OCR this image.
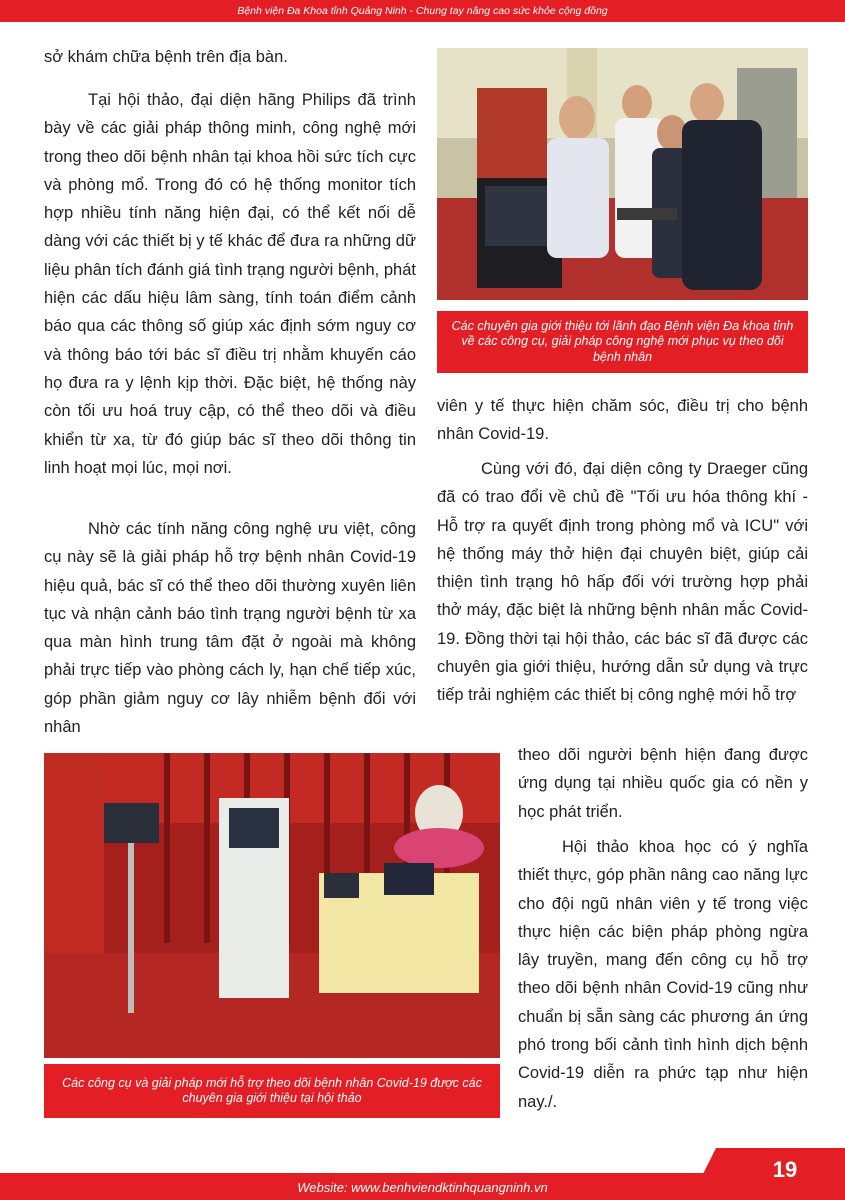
Bệnh viện Đa Khoa tỉnh Quảng Ninh - Chung tay nâng cao sức khỏe cộng đồng

sở khám chữa bệnh trên địa bàn.

Tại hội thảo, đại diện hãng Philips đã trình bày về các giải pháp thông minh, công nghệ mới trong theo dõi bệnh nhân tại khoa hồi sức tích cực và phòng mổ. Trong đó có hệ thống monitor tích hợp nhiều tính năng hiện đại, có thể kết nối dễ dàng với các thiết bị y tế khác để đưa ra những dữ liệu phân tích đánh giá tình trạng người bệnh, phát hiện các dấu hiệu lâm sàng, tính toán điểm cảnh báo qua các thông số giúp xác định sớm nguy cơ và thông báo tới bác sĩ điều trị nhằm khuyến cáo họ đưa ra y lệnh kịp thời. Đặc biệt, hệ thống này còn tối ưu hoá truy cập, có thể theo dõi và điều khiển từ xa, từ đó giúp bác sĩ theo dõi thông tin linh hoạt mọi lúc, mọi nơi.

Nhờ các tính năng công nghệ ưu việt, công cụ này sẽ là giải pháp hỗ trợ bệnh nhân Covid-19 hiệu quả, bác sĩ có thể theo dõi thường xuyên liên tục và nhận cảnh báo tình trạng người bệnh từ xa qua màn hình trung tâm đặt ở ngoài mà không phải trực tiếp vào phòng cách ly, hạn chế tiếp xúc, góp phần giảm nguy cơ lây nhiễm bệnh đối với nhân

Các chuyên gia giới thiệu tới lãnh đạo Bệnh viện Đa khoa tỉnh về các công cụ, giải pháp công nghệ mới phục vụ theo dõi bệnh nhân

viên y tế thực hiện chăm sóc, điều trị cho bệnh nhân Covid-19.

Cùng với đó, đại diện công ty Draeger cũng đã có trao đổi về chủ đề "Tối ưu hóa thông khí - Hỗ trợ ra quyết định trong phòng mổ và ICU" với hệ thống máy thở hiện đại chuyên biệt, giúp cải thiện tình trạng hô hấp đối với trường hợp phải thở máy, đặc biệt là những bệnh nhân mắc Covid-19. Đồng thời tại hội thảo, các bác sĩ đã được các chuyên gia giới thiệu, hướng dẫn sử dụng và trực tiếp trải nghiệm các thiết bị công nghệ mới hỗ trợ

theo dõi người bệnh hiện đang được ứng dụng tại nhiều quốc gia có nền y học phát triển.

Hội thảo khoa học có ý nghĩa thiết thực, góp phần nâng cao năng lực cho đội ngũ nhân viên y tế trong việc thực hiện các biện pháp phòng ngừa lây truyền, mang đến công cụ hỗ trợ theo dõi bệnh nhân Covid-19 cũng như chuẩn bị sẵn sàng các phương án ứng phó trong bối cảnh tình hình dịch bệnh Covid-19 diễn ra phức tạp như hiện nay./.

Các công cụ và giải pháp mới hỗ trợ theo dõi bệnh nhân Covid-19 được các chuyên gia giới thiệu tại hội thảo
Website: www.benhviendktinhquangninh.vn
19
